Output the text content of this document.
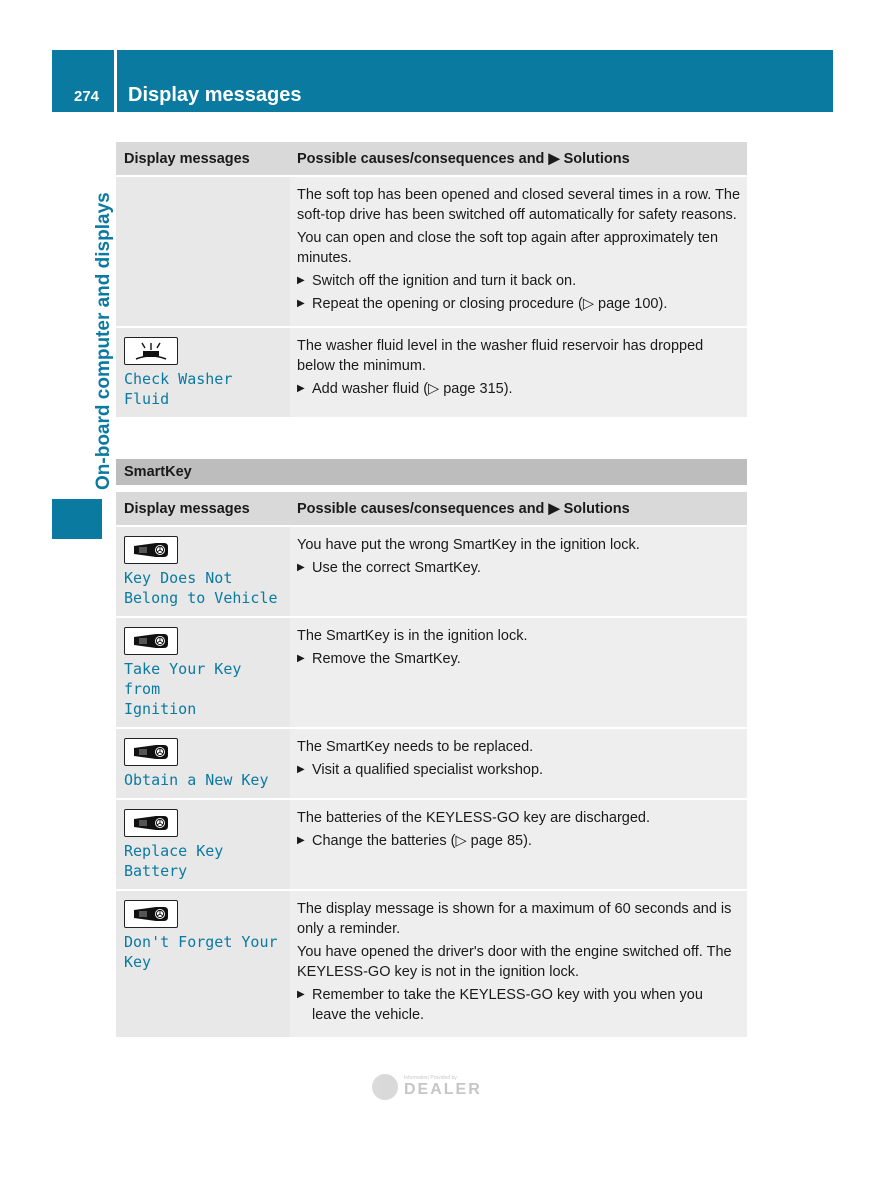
274 Display messages
On-board computer and displays
Display messages	Possible causes/consequences and ▶ Solutions

The soft top has been opened and closed several times in a row. The soft-top drive has been switched off automatically for safety reasons.

You can open and close the soft top again after approximately ten minutes.

▶ Switch off the ignition and turn it back on.
▶ Repeat the opening or closing procedure (▷ page 100).
Check Washer Fluid

The washer fluid level in the washer fluid reservoir has dropped below the minimum.

▶ Add washer fluid (▷ page 315).
SmartKey
Display messages	Possible causes/consequences and ▶ Solutions
Key Does Not
Belong to Vehicle

You have put the wrong SmartKey in the ignition lock.

▶ Use the correct SmartKey.
Take Your Key from
Ignition

The SmartKey is in the ignition lock.

▶ Remove the SmartKey.
Obtain a New Key

The SmartKey needs to be replaced.

▶ Visit a qualified specialist workshop.
Replace Key Battery

The batteries of the KEYLESS-GO key are discharged.

▶ Change the batteries (▷ page 85).
Don't Forget Your
Key

The display message is shown for a maximum of 60 seconds and is only a reminder.

You have opened the driver's door with the engine switched off. The KEYLESS-GO key is not in the ignition lock.

▶ Remember to take the KEYLESS-GO key with you when you leave the vehicle.
Information Provided by:
DEALER
